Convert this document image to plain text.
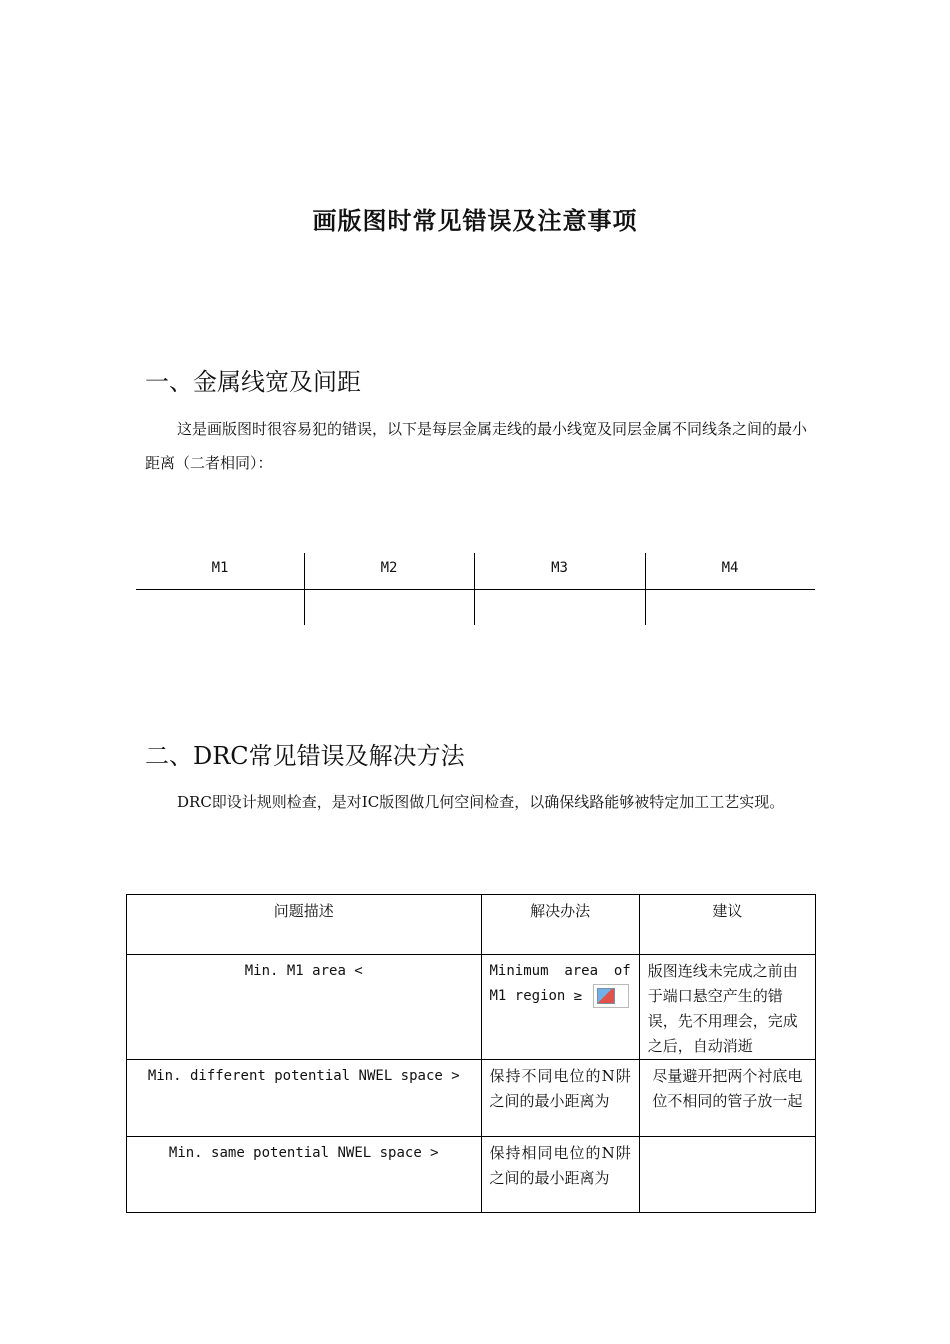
画版图时常见错误及注意事项
一、金属线宽及间距
这是画版图时很容易犯的错误，以下是每层金属走线的最小线宽及同层金属不同线条之间的最小距离（二者相同）：
M1	M2	M3	M4
二、DRC常见错误及解决方法
DRC即设计规则检查，是对IC版图做几何空间检查，以确保线路能够被特定加工工艺实现。
问题描述	解决办法	建议
Min. M1 area <	Minimum area of M1 region ≥	版图连线未完成之前由于端口悬空产生的错误，先不用理会，完成之后，自动消逝
Min. different potential NWEL space >	保持不同电位的N阱之间的最小距离为	尽量避开把两个衬底电位不相同的管子放一起
Min. same potential NWEL space >	保持相同电位的N阱之间的最小距离为	
